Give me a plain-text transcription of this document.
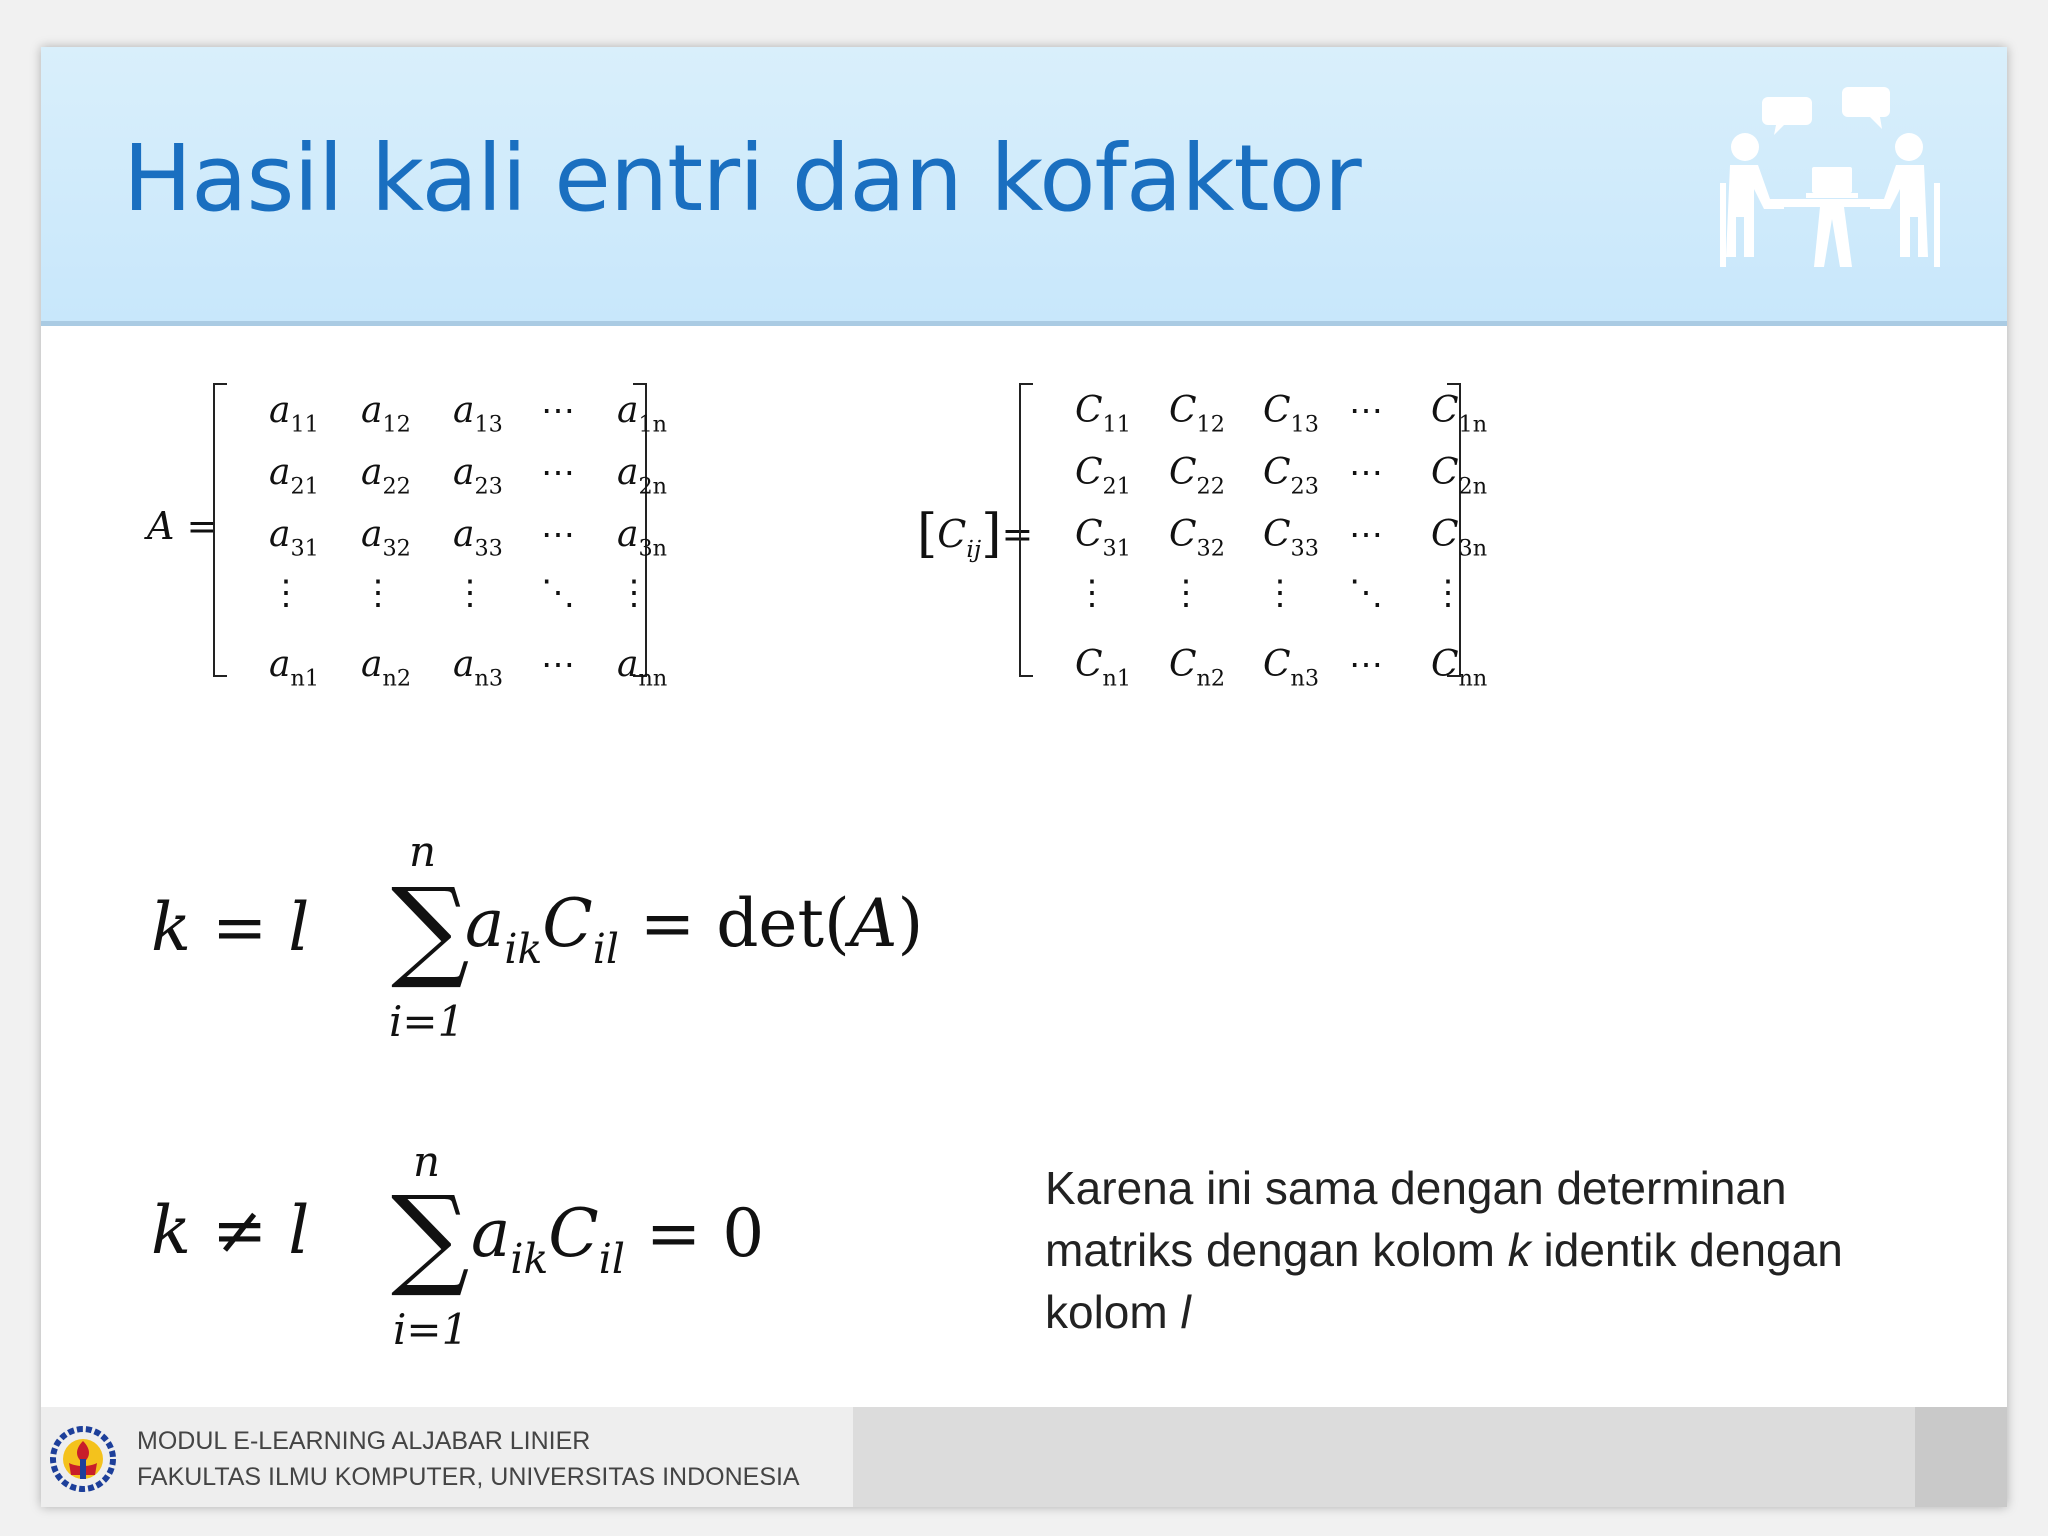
Hasil kali entri dan kofaktor
A =
$a_{11}$ $a_{12}$ $a_{13}$ ⋯ $a_{1n}$
$a_{21}$ $a_{22}$ $a_{23}$ ⋯ $a_{2n}$
$a_{31}$ $a_{32}$ $a_{33}$ ⋯ $a_{3n}$
⋮ ⋮ ⋮ ⋱ ⋮
$a_{n1}$ $a_{n2}$ $a_{n3}$ ⋯ $a_{nn}$
$[C_{ij}]=$
$C_{11}$ $C_{12}$ $C_{13}$ ⋯ $C_{1n}$
$C_{21}$ $C_{22}$ $C_{23}$ ⋯ $C_{2n}$
$C_{31}$ $C_{32}$ $C_{33}$ ⋯ $C_{3n}$
⋮ ⋮ ⋮ ⋱ ⋮
$C_{n1}$ $C_{n2}$ $C_{n3}$ ⋯ $C_{nn}$
k = l
n
∑
i=1
$a_{ik}C_{il} = \det(A)$
k ≠ l
n
∑
i=1
$a_{ik}C_{il} = 0$
Karena ini sama dengan determinan
matriks dengan kolom k identik dengan
kolom l
MODUL E-LEARNING ALJABAR LINIER
FAKULTAS ILMU KOMPUTER, UNIVERSITAS INDONESIA
